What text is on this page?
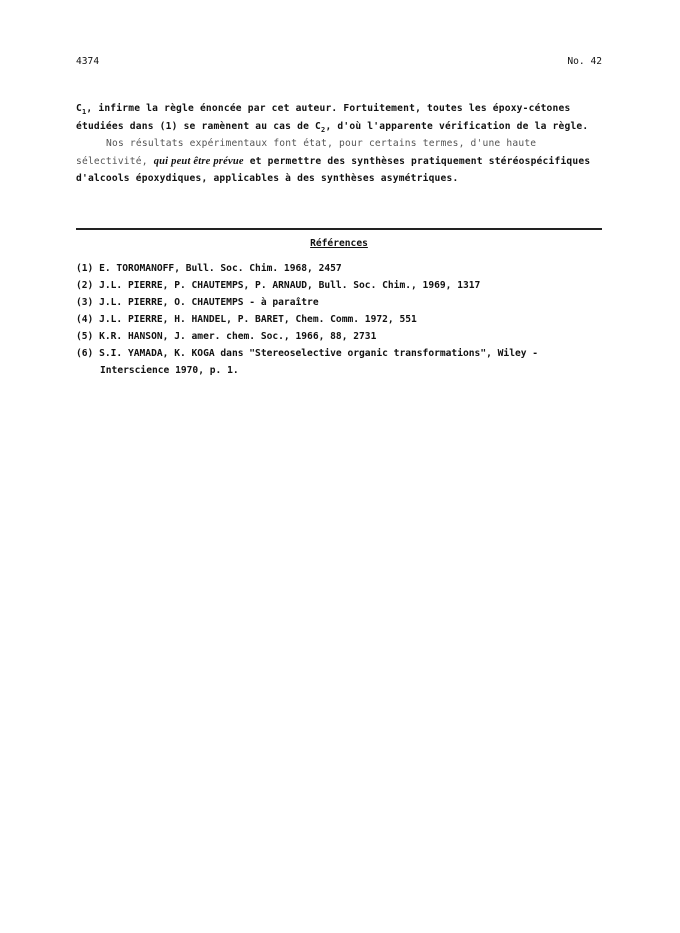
4374	No. 42

$C_1$, infirme la règle énoncée par cet auteur. Fortuitement, toutes les époxy-cétones étudiées dans (1) se ramènent au cas de $C_2$, d'où l'apparente vérification de la règle.

Nos résultats expérimentaux font état, pour certains termes, d'une haute sélectivité, qui peut être prévue et permettre des synthèses pratiquement stéréospécifiques d'alcools époxydiques, applicables à des synthèses asymétriques.

Références
(1) E. TOROMANOFF, Bull. Soc. Chim. 1968, 2457
(2) J.L. PIERRE, P. CHAUTEMPS, P. ARNAUD, Bull. Soc. Chim., 1969, 1317
(3) J.L. PIERRE, O. CHAUTEMPS - à paraître
(4) J.L. PIERRE, H. HANDEL, P. BARET, Chem. Comm. 1972, 551
(5) K.R. HANSON, J. amer. chem. Soc., 1966, 88, 2731
(6) S.I. YAMADA, K. KOGA dans "Stereoselective organic transformations", Wiley - Interscience 1970, p. 1.
